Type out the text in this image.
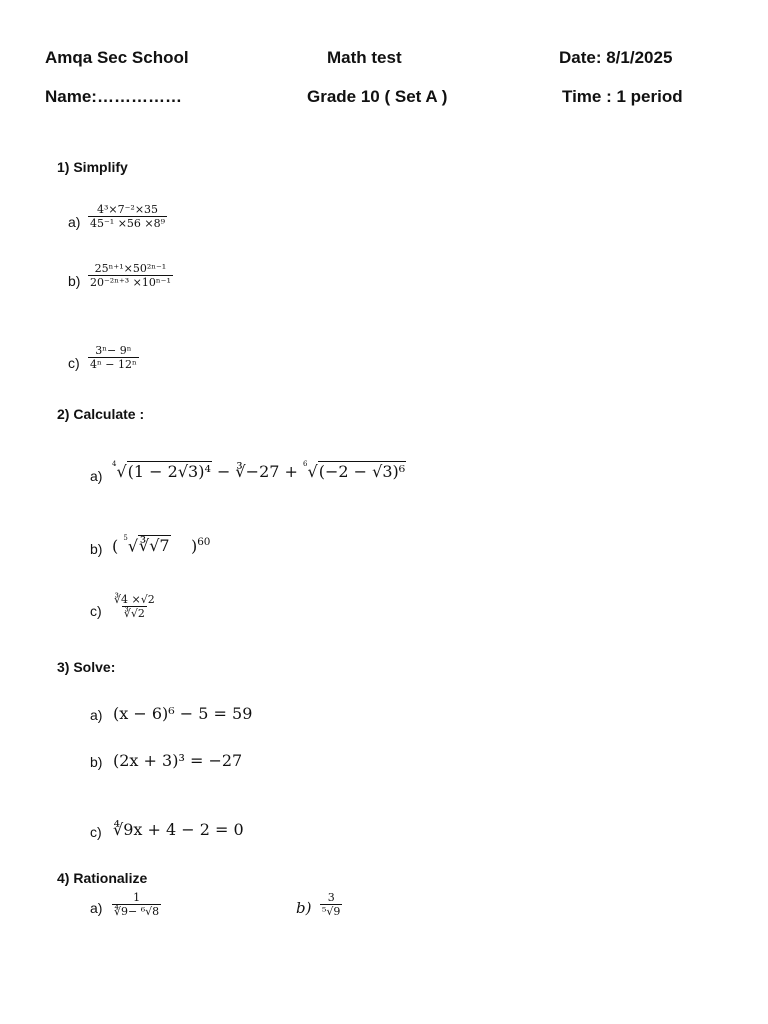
Amqa Sec School	Math test	Date: 8/1/2025
Name:……………	Grade 10 ( Set A )	Time : 1 period
1) Simplify
$a) \frac{\text{4³×7⁻²×35}}{\text{45⁻¹ ×56 ×8⁹}}$
$b) \frac{\text{25ⁿ⁺¹×50²ⁿ⁻¹}}{\text{20⁻²ⁿ⁺³ ×10ⁿ⁻¹}}$
$c) \frac{\text{3ⁿ− 9ⁿ}}{\text{4ⁿ − 12ⁿ}}$
2) Calculate :
a)
$^4$√(1 − 2√3)⁴ − ∛−27 + $^6$√(−2 − √3)⁶
b) ( $^5$√∛√7 )$^{60}$
$c) \frac{∛4 \times√2}{∛√2}$
3) Solve:
a) (x − 6)⁶ − 5 = 59
b) (2x + 3)³ = −27
c) ∜9x + 4 − 2 = 0
4) Rationalize
$a) \frac{1}{\text{∜9− ⁶√8}}$	$b) \frac{3}{\text{⁵√9}}$
